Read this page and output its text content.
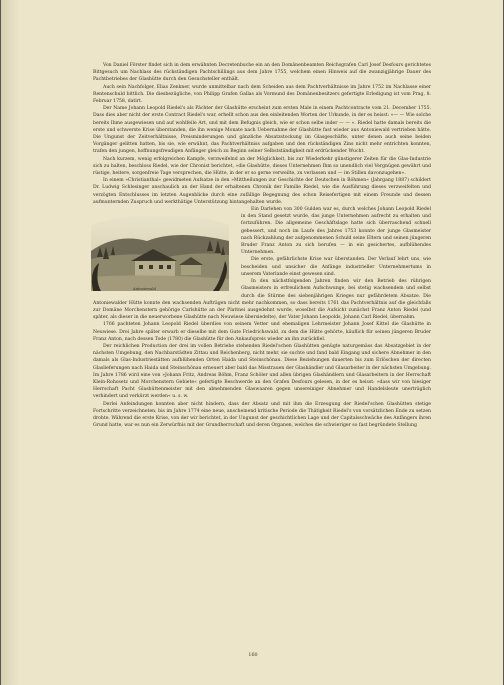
Von Daniel Förster findet sich in dem erwähnten Decretenbuche ein an den Domänenbeamten Reichsgrafen Carl Josef Desfours gerichtetes Bittgesuch um Nachlass des rückständigen Pachtschillings aus dem Jahre 1755, welchem einen Hinweis auf die zwanzigjährige Dauer des Pachtbetriebes der Glashütte durch den Gesuchsteller enthält.

Auch sein Nachfolger, Elias Zenkner, wurde unmittelbar nach dem Scheiden aus dem Pachtverhältnisse im Jahre 1752 im Nachlasse einer Rentenschuld bittlich. Die diesbezügliche, von Philipp Grafen Gallas als Vormund des Domänenbesitzers gefertigte Erledigung ist vom Prag, 8. Februar 1758, datirt.

Der Name Johann Leopold Riedel's als Pächter der Glashütte erscheint zum ersten Male in einem Pachtcontracte vom 21. December 1755. Dass dies aber nicht der erste Contract Riedel's war, erhellt schon aus den einleitenden Worten der Urkunde, in der es heisst: »— — Wie solche bereits Ihme ausgewiesen und auf wohlfeile Art, und mit dem Befugnis gleich, wie er schon selbe inder — — «. Riedel hatte damals bereits die erste und schwerste Krise überstanden, die ihn wenige Monate nach Uebernahme der Glashütte fast wieder aus Antoniewald vertrieben hätte. Die Ungunst der Zeitverhältnisse, Preisminderungen und gänzliche Absatzstockung im Glasgeschäfte, unter denen auch seine beiden Vorgänger gelitten hatten, bis sie, wie erwähnt, das Pachtverhältniss aufgaben und den rückständigen Zins nicht mehr entrichten konnten, trafen den jungen, hoffnungsfreudigen Anfänger gleich zu Beginn seiner Selbstständigkeit mit erdrückender Wucht.

Nach kurzem, wenig erfolgreichen Kampfe, verzweifelnd an der Möglichkeit, bis zur Wiederkehr günstigerer Zeiten für die Glas-Industrie sich zu halten, beschloss Riedel, wie der Chronist berichtet, »die Glashütte, dieses Unternehmen Ihm so unendlich viel Vergnügen gewährt und rüstige, heitere, sorgenfreie Tage versprechen, die Hütte, in der er so gerne verweilte, zu verlassen und — im Stillen davonzugehen«.

In einem »Christianthal« gewidmeten Aufsatze in den »Mittheilungen zur Geschichte der Deutschen in Böhmen« (Jahrgang 1887) schildert Dr. Ludwig Schlesinger anschaulich an der Hand der erhaltenen Chronik der Familie Riedel, wie die Ausführung dieses verzweifelten und verzögten Entschlusses im letzten Augenblicke durch eine zufällige Begegnung des schon Reisefertigen mit einem Freunde und dessen aufmunternden Zuspruch und werkthätige Unterstützung hintangehalten wurde.

Antoniewald

Ein Darlehen von 300 Gulden war es, durch welches Johann Leopold Riedel in den Stand gesetzt wurde, das junge Unternehmen aufrecht zu erhalten und fortzuführen. Die allgemeine Geschäftslage hatte sich überraschend schnell gebessert, und noch im Laufe des Jahres 1753 konnte der junge Glasmeister nach Rückzahlung der aufgenommenen Schuld seine Eltern und seinen jüngeren Bruder Franz Anton zu sich berufen — in ein gesichertes, aufblühendes Unternehmen.

Die erste, gefährlichste Krise war überstanden. Der Verlauf lehrt uns, wie bescheiden und unsicher die Anfänge industrieller Unternehmertums in unserem Vaterlande einst gewesen sind.

In den nächstfolgenden Jahren finden wir den Betrieb des rührigen Glasmeisters in erfreulichem Aufschwunge, bei stetig wachsendem und selbst durch die Stürme des siebenjährigen Krieges nur gefährdetem Absatze. Die Antoniewalder Hütte konnte den wachsenden Aufträgen nicht mehr nachkommen, so dass bereits 1761 das Pachtverhältnis auf die gleichfalls zur Domäne Morchenstern gehörige Carlshütte an der Plattnei ausgedehnt wurde, woselbst die Aufsicht zunächst Franz Anton Riedel (und später, als dieser in die neuerworbene Glashütte nach Neuwiese übersiedelte), der Vater Johann Leopolds, Johann Carl Riedel, übernahm.

1766 pachteten Johann Leopold Riedel überdies von seinem Vetter und ehemaligen Lehrmeister Johann Josef Kittel die Glashütte in Neuwiese. Drei Jahre später erwarb er dieselbe mit dem Gute Friedrichswald, zu dem die Hütte gehörte, käuflich für seinen jüngeren Bruder Franz Anton, nach dessen Tode (1780) die Glashütte für den Ankaufspreis wieder an ihn zurückfiel.

Der reichlichen Production der drei im vollen Betriebe stehenden Riedel'schen Glashütten genügte naturgemäss das Absatzgebiet in der nächsten Umgebung, den Nachbarstädten Zittau und Reichenberg, nicht mehr, sie suchte und fand bald Eingang und sichere Abnehmer in den damals als Glas-Industriestätten aufblühenden Orten Haida und Steinschönau. Diese Beziehungen dauerten bis zum Erlöschen der directen Glaslieferungen nach Haida und Steinschönau erneuert aber bald das Misstrauen der Glashändler und Glasarbeiter in der nächsten Umgebung. Im Jahre 1786 wird eine von »Johann Fritz, Andreas Böhm, Franz Schöler und allen übrigen Glashändlern und Glasarbeitern in der Herrschaft Klein-Rohosetz und Morchenstern Gebiete« gefertigte Beschwerde an den Grafen Desfours gelesen, in der es heisst: »dass wir von hiesiger Herrschaft Pacht Glashüttenmeister mit den abnehmenden Glaswaaren gegen unsereiniger Abnehmer und Handelsleute unerträglich verhindert und verkürzt werden« u. s. w.

Derlei Anfeindungen konnten aber nicht hindern, dass der Absatz und mit ihm die Erzeugung der Riedel'schen Glashütten stetige Fortschritte verzeichneten, bis im Jahre 1774 eine neue, anscheinend kritische Periode die Thätigkeit Riedel's von vorsätzlichen Ende zu setzen drohte. Während die erste Krise, von der wir berichtet, in der Ungunst der geschichtlichen Lage und der Capitalsschwäche des Anfängers ihren Grund hatte, war es nun ein Zerwürfnis mit der Grundherrschaft und deren Organen, welches die schwieriger so fast begründete Stellung

160
